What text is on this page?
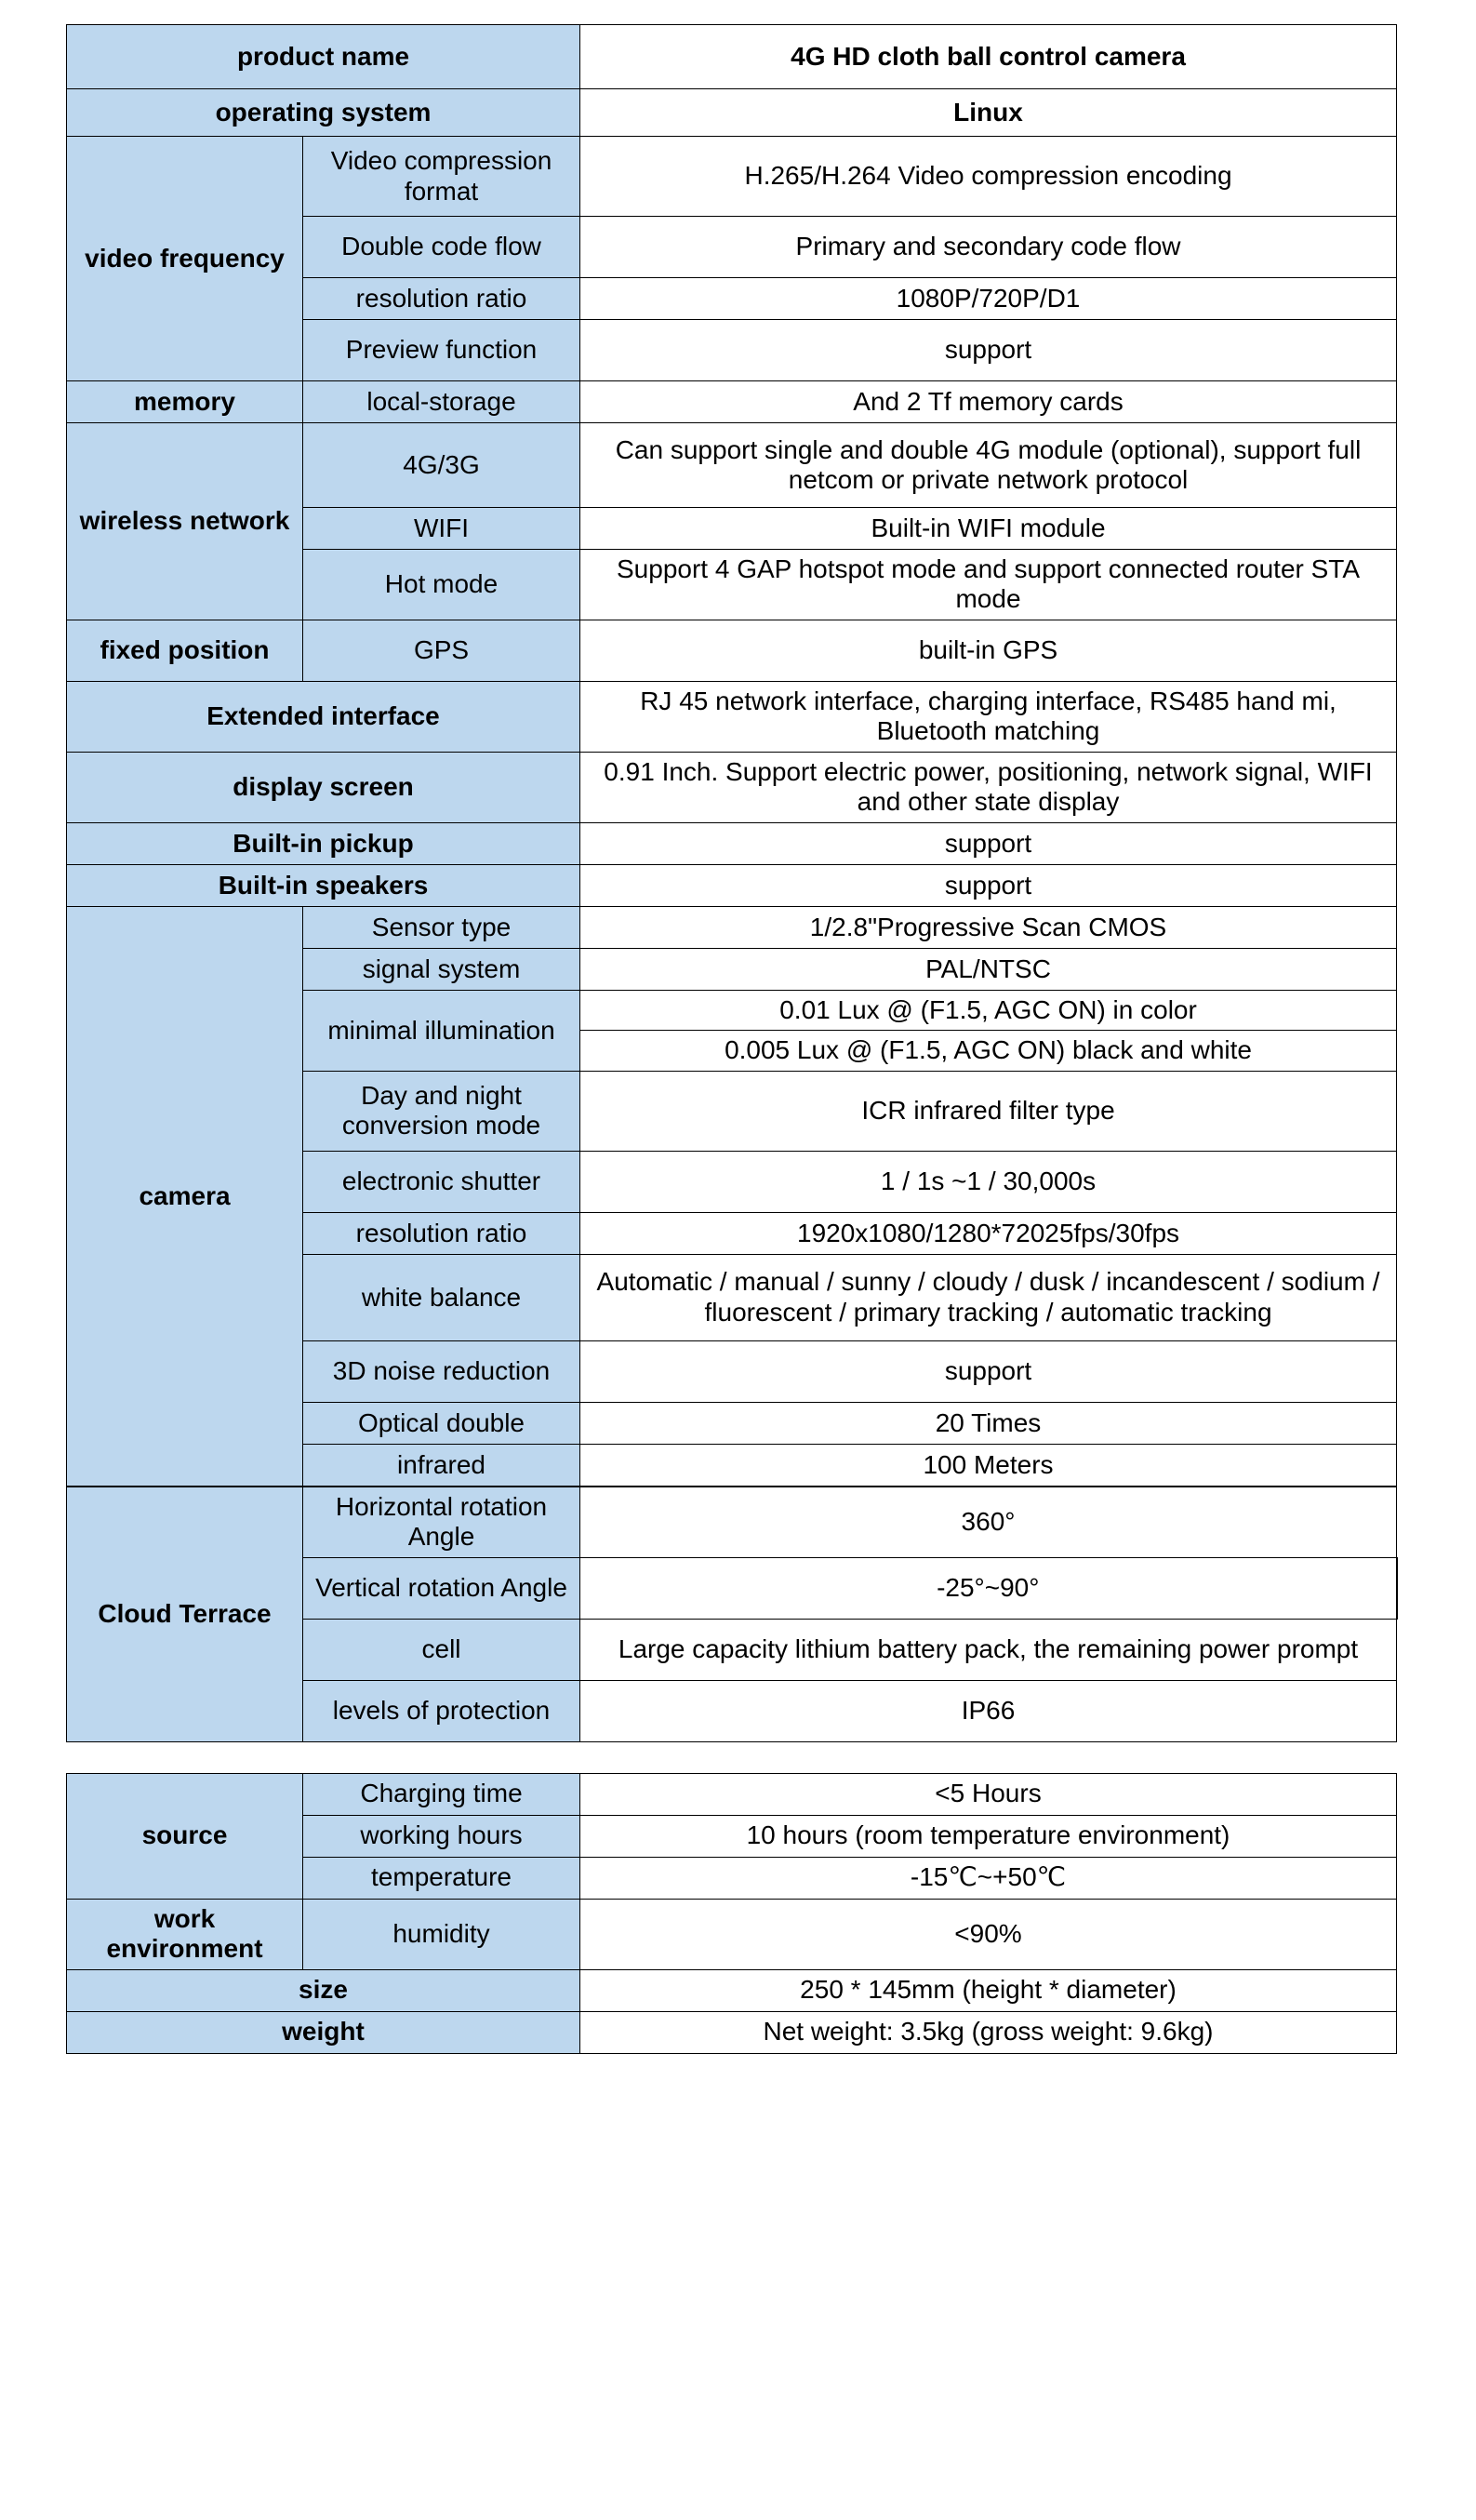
product name		4G HD cloth ball control camera
operating system		Linux
video frequency	Video compression format	H.265/H.264 Video compression encoding
	Double code flow	Primary and secondary code flow
	resolution ratio	1080P/720P/D1
	Preview function	support
memory	local-storage	And 2 Tf memory cards
wireless network	4G/3G	Can support single and double 4G module (optional), support full netcom or private network protocol
	WIFI	Built-in WIFI module
	Hot mode	Support 4 GAP hotspot mode and support connected router STA mode
fixed position	GPS	built-in GPS
Extended interface		RJ 45 network interface, charging interface, RS485 hand mi, Bluetooth matching
display screen		0.91 Inch. Support electric power, positioning, network signal, WIFI and other state display
Built-in pickup		support
Built-in speakers		support
camera	Sensor type	1/2.8"Progressive Scan CMOS
	signal system	PAL/NTSC
	minimal illumination	0.01 Lux @ (F1.5, AGC ON) in color
		0.005 Lux @ (F1.5, AGC ON) black and white
	Day and night conversion mode	ICR infrared filter type
	electronic shutter	1 / 1s ~1 / 30,000s
	resolution ratio	1920x1080/1280*72025fps/30fps
	white balance	Automatic / manual / sunny / cloudy / dusk / incandescent / sodium / fluorescent / primary tracking / automatic tracking
	3D noise reduction	support
	Optical double	20 Times
	infrared	100 Meters
Cloud Terrace	Horizontal rotation Angle	360°
	Vertical rotation Angle	-25°~90°
	cell	Large capacity lithium battery pack, the remaining power prompt
	levels of protection	IP66
source	Charging time	<5 Hours
	working hours	10 hours (room temperature environment)
	temperature	-15℃~+50℃
work environment	humidity	<90%
size		250 * 145mm (height * diameter)
weight		Net weight: 3.5kg (gross weight: 9.6kg)
